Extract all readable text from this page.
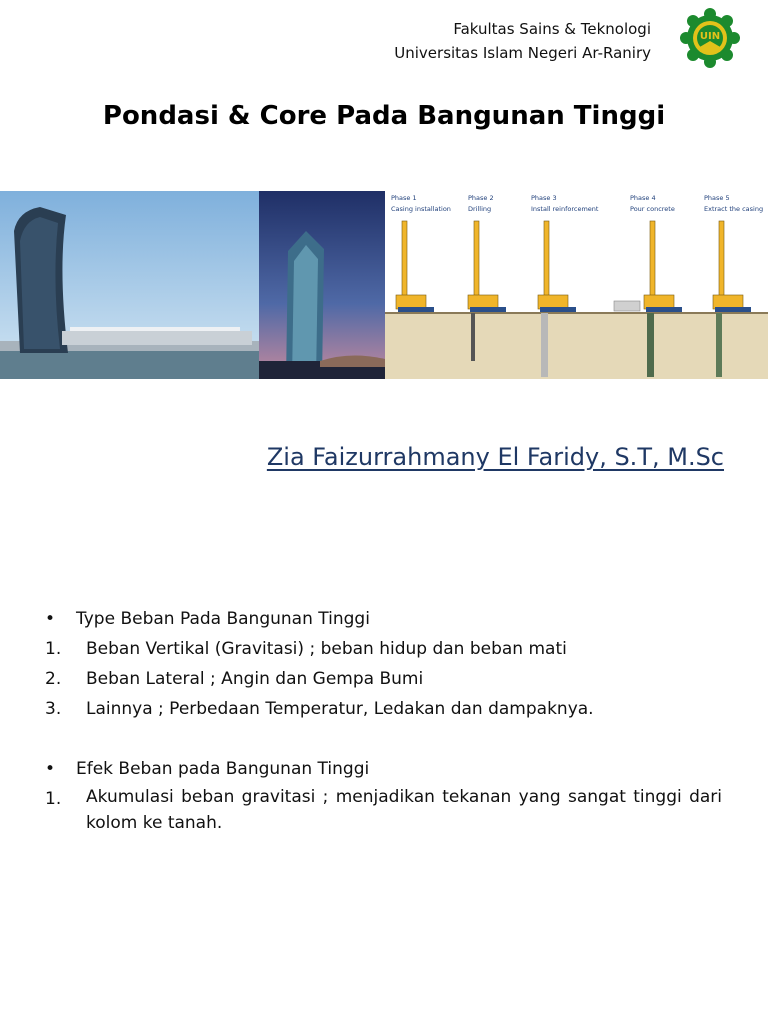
Fakultas Sains & Teknologi
Universitas Islam Negeri Ar-Raniry
UIN
Pondasi & Core Pada Bangunan Tinggi
Phase 1
Casing installation
Phase 2
Drilling
Phase 3
Install reinforcement
Phase 4
Pour concrete
Phase 5
Extract the casing
Zia Faizurrahmany El Faridy, S.T, M.Sc
•	Type Beban Pada Bangunan Tinggi
1.	Beban Vertikal (Gravitasi) ; beban hidup dan beban mati
2.	Beban Lateral ; Angin dan Gempa Bumi
3.	Lainnya ; Perbedaan Temperatur, Ledakan dan dampaknya.
•	Efek Beban pada Bangunan Tinggi
1.	Akumulasi beban gravitasi ; menjadikan tekanan yang sangat tinggi dari kolom ke tanah.
